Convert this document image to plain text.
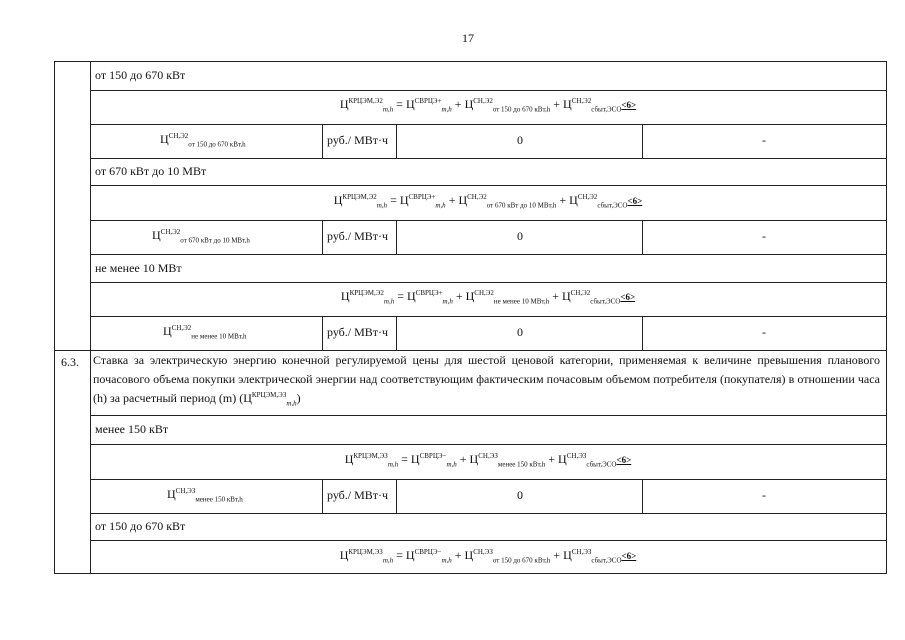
17
от 150 до 670 кВт
$Ц^{КРЦЭМ,Э2}_{m,h} = Ц^{СВРЦЭ+}_{m,h} + Ц^{СН,Э2}_{от 150 до 670 кВт,h} + Ц^{СН,Э2}_{сбыт,ЭСО}<6>$
$Ц^{СН,Э2}_{от 150 до 670 кВт,h}$	руб./ МВт·ч	0	-
от 670 кВт до 10 МВт
$Ц^{КРЦЭМ,Э2}_{m,h} = Ц^{СВРЦЭ+}_{m,h} + Ц^{СН,Э2}_{от 670 кВт до 10 МВт,h} + Ц^{СН,Э2}_{сбыт,ЭСО}<6>$
$Ц^{СН,Э2}_{от 670 кВт до 10 МВт,h}$	руб./ МВт·ч	0	-
не менее 10 МВт
$Ц^{КРЦЭМ,Э2}_{m,h} = Ц^{СВРЦЭ+}_{m,h} + Ц^{СН,Э2}_{не менее 10 МВт,h} + Ц^{СН,Э2}_{сбыт,ЭСО}<6>$
$Ц^{СН,Э2}_{не менее 10 МВт,h}$	руб./ МВт·ч	0	-
6.3. Ставка за электрическую энергию конечной регулируемой цены для шестой ценовой категории, применяемая к величине превышения планового почасового объема покупки электрической энергии над соответствующим фактическим почасовым объемом потребителя (покупателя) в отношении часа (h) за расчетный период (m) $(Ц^{КРЦЭМ,ЭЗ}_{m,h})$
менее 150 кВт
$Ц^{КРЦЭМ,ЭЗ}_{m,h} = Ц^{СВРЦЭ-}_{m,h} + Ц^{СН,ЭЗ}_{менее 150 кВт,h} + Ц^{СН,ЭЗ}_{сбыт,ЭСО}<6>$
$Ц^{СН,ЭЗ}_{менее 150 кВт,h}$	руб./ МВт·ч	0	-
от 150 до 670 кВт
$Ц^{КРЦЭМ,ЭЗ}_{m,h} = Ц^{СВРЦЭ-}_{m,h} + Ц^{СН,ЭЗ}_{от 150 до 670 кВт,h} + Ц^{СН,ЭЗ}_{сбыт,ЭСО}<6>$
